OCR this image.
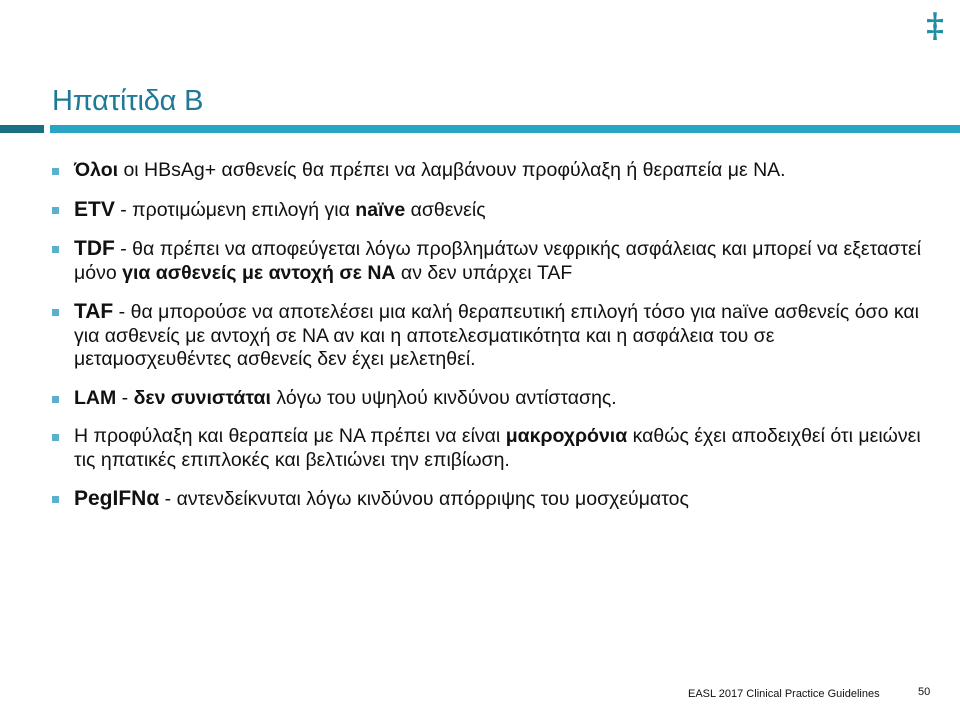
‡
Ηπατίτιδα Β
Όλοι οι HBsAg+ ασθενείς θα πρέπει να λαμβάνουν προφύλαξη ή θεραπεία με ΝΑ.
ETV - προτιμώμενη επιλογή για naïve ασθενείς
TDF - θα πρέπει να αποφεύγεται λόγω προβλημάτων νεφρικής ασφάλειας και μπορεί να εξεταστεί μόνο για ασθενείς με αντοχή σε ΝΑ αν δεν υπάρχει TAF
TAF - θα μπορούσε να αποτελέσει μια καλή θεραπευτική επιλογή τόσο για naïve ασθενείς όσο και για ασθενείς με αντοχή σε ΝΑ αν και η αποτελεσματικότητα και η ασφάλεια του σε μεταμοσχευθέντες ασθενείς δεν έχει μελετηθεί.
LAM - δεν συνιστάται λόγω του υψηλού κινδύνου αντίστασης.
Η προφύλαξη και θεραπεία με ΝΑ πρέπει να είναι μακροχρόνια καθώς έχει αποδειχθεί ότι μειώνει τις ηπατικές επιπλοκές και βελτιώνει την επιβίωση.
PegIFNα - αντενδείκνυται λόγω κινδύνου απόρριψης του μοσχεύματος
EASL 2017 Clinical Practice Guidelines	50
